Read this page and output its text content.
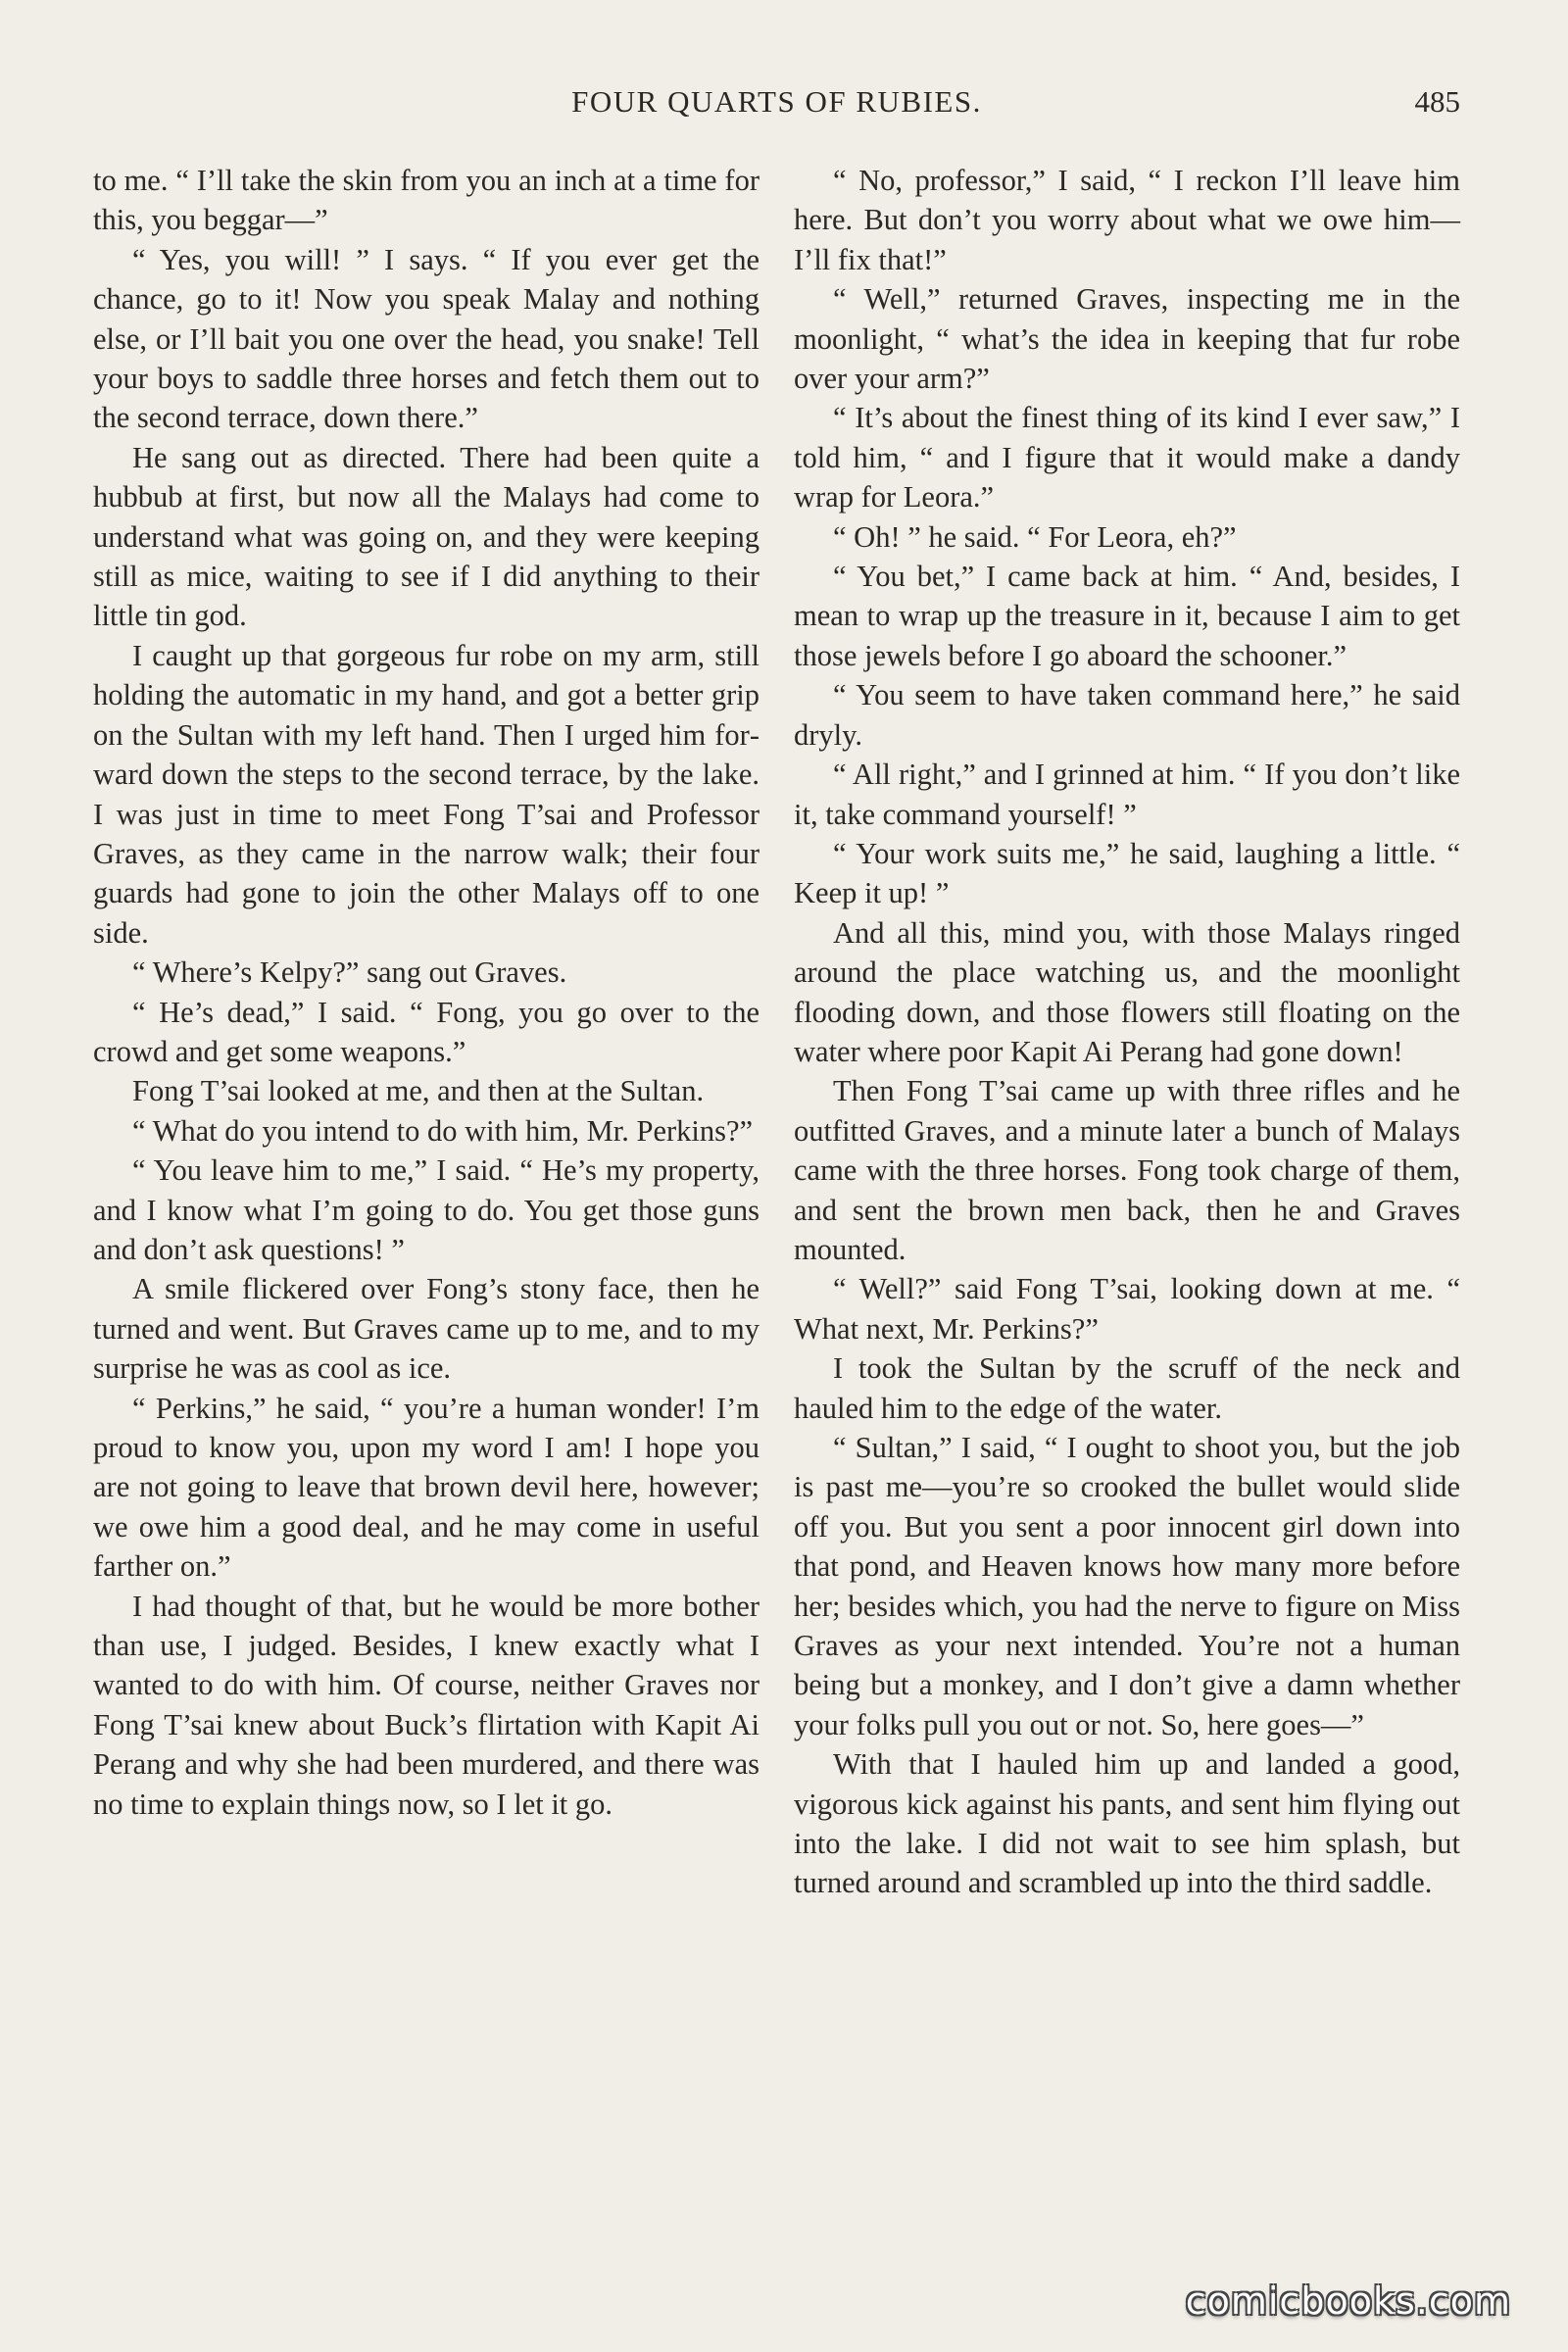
FOUR QUARTS OF RUBIES.	485

to me. “ I’ll take the skin from you an inch at a time for this, you beggar—”

“ Yes, you will! ” I says. “ If you ever get the chance, go to it! Now you speak Malay and nothing else, or I’ll bait you one over the head, you snake! Tell your boys to saddle three horses and fetch them out to the second terrace, down there.”

He sang out as directed. There had been quite a hubbub at first, but now all the Malays had come to understand what was going on, and they were keeping still as mice, waiting to see if I did anything to their little tin god.

I caught up that gorgeous fur robe on my arm, still holding the automatic in my hand, and got a better grip on the Sultan with my left hand. Then I urged him forward down the steps to the second terrace, by the lake. I was just in time to meet Fong T’sai and Professor Graves, as they came in the narrow walk; their four guards had gone to join the other Malays off to one side.

“ Where’s Kelpy?” sang out Graves.

“ He’s dead,” I said. “ Fong, you go over to the crowd and get some weapons.”

Fong T’sai looked at me, and then at the Sultan.

“ What do you intend to do with him, Mr. Perkins?”

“ You leave him to me,” I said. “ He’s my property, and I know what I’m going to do. You get those guns and don’t ask questions! ”

A smile flickered over Fong’s stony face, then he turned and went. But Graves came up to me, and to my surprise he was as cool as ice.

“ Perkins,” he said, “ you’re a human wonder! I’m proud to know you, upon my word I am! I hope you are not going to leave that brown devil here, however; we owe him a good deal, and he may come in useful farther on.”

I had thought of that, but he would be more bother than use, I judged. Besides, I knew exactly what I wanted to do with him. Of course, neither Graves nor Fong T’sai knew about Buck’s flirtation with Kapit Ai Perang and why she had been murdered, and there was no time to explain things now, so I let it go.

“ No, professor,” I said, “ I reckon I’ll leave him here. But don’t you worry about what we owe him—I’ll fix that!”

“ Well,” returned Graves, inspecting me in the moonlight, “ what’s the idea in keeping that fur robe over your arm?”

“ It’s about the finest thing of its kind I ever saw,” I told him, “ and I figure that it would make a dandy wrap for Leora.”

“ Oh! ” he said. “ For Leora, eh?”

“ You bet,” I came back at him. “ And, besides, I mean to wrap up the treasure in it, because I aim to get those jewels before I go aboard the schooner.”

“ You seem to have taken command here,” he said dryly.

“ All right,” and I grinned at him. “ If you don’t like it, take command yourself! ”

“ Your work suits me,” he said, laughing a little. “ Keep it up! ”

And all this, mind you, with those Malays ringed around the place watching us, and the moonlight flooding down, and those flowers still floating on the water where poor Kapit Ai Perang had gone down!

Then Fong T’sai came up with three rifles and he outfitted Graves, and a minute later a bunch of Malays came with the three horses. Fong took charge of them, and sent the brown men back, then he and Graves mounted.

“ Well?” said Fong T’sai, looking down at me. “ What next, Mr. Perkins?”

I took the Sultan by the scruff of the neck and hauled him to the edge of the water.

“ Sultan,” I said, “ I ought to shoot you, but the job is past me—you’re so crooked the bullet would slide off you. But you sent a poor innocent girl down into that pond, and Heaven knows how many more before her; besides which, you had the nerve to figure on Miss Graves as your next intended. You’re not a human being but a monkey, and I don’t give a damn whether your folks pull you out or not. So, here goes—”

With that I hauled him up and landed a good, vigorous kick against his pants, and sent him flying out into the lake. I did not wait to see him splash, but turned around and scrambled up into the third saddle.

comicbooks.com
